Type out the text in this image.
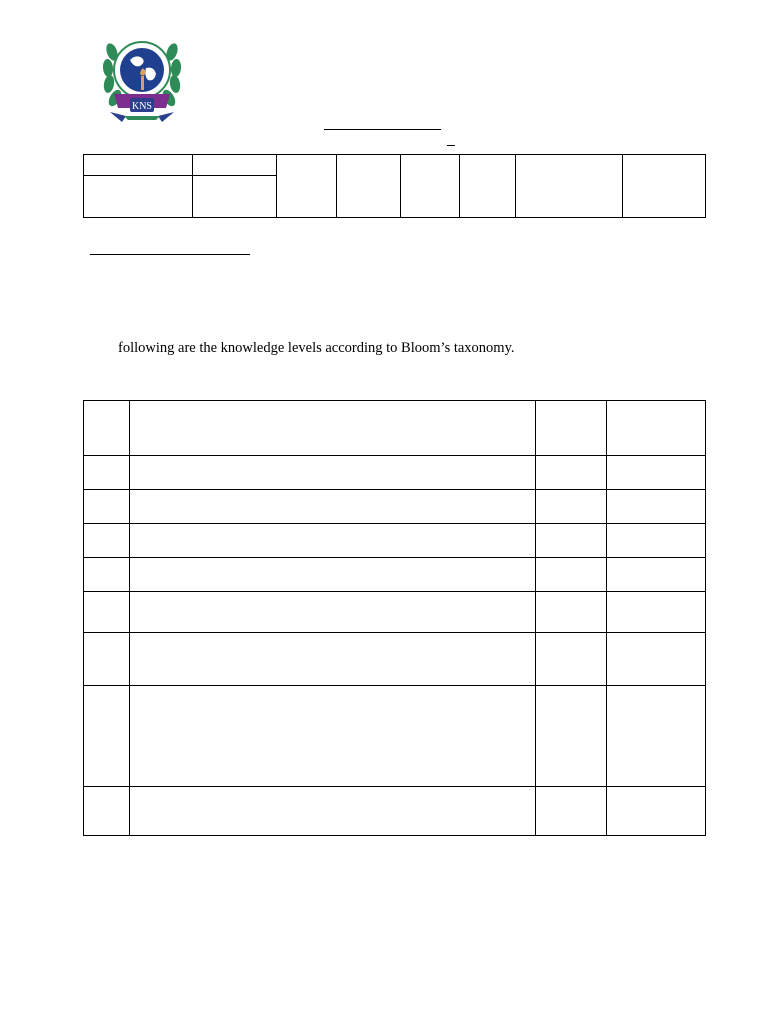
KNS

following are the knowledge levels according to Bloom’s taxonomy.
